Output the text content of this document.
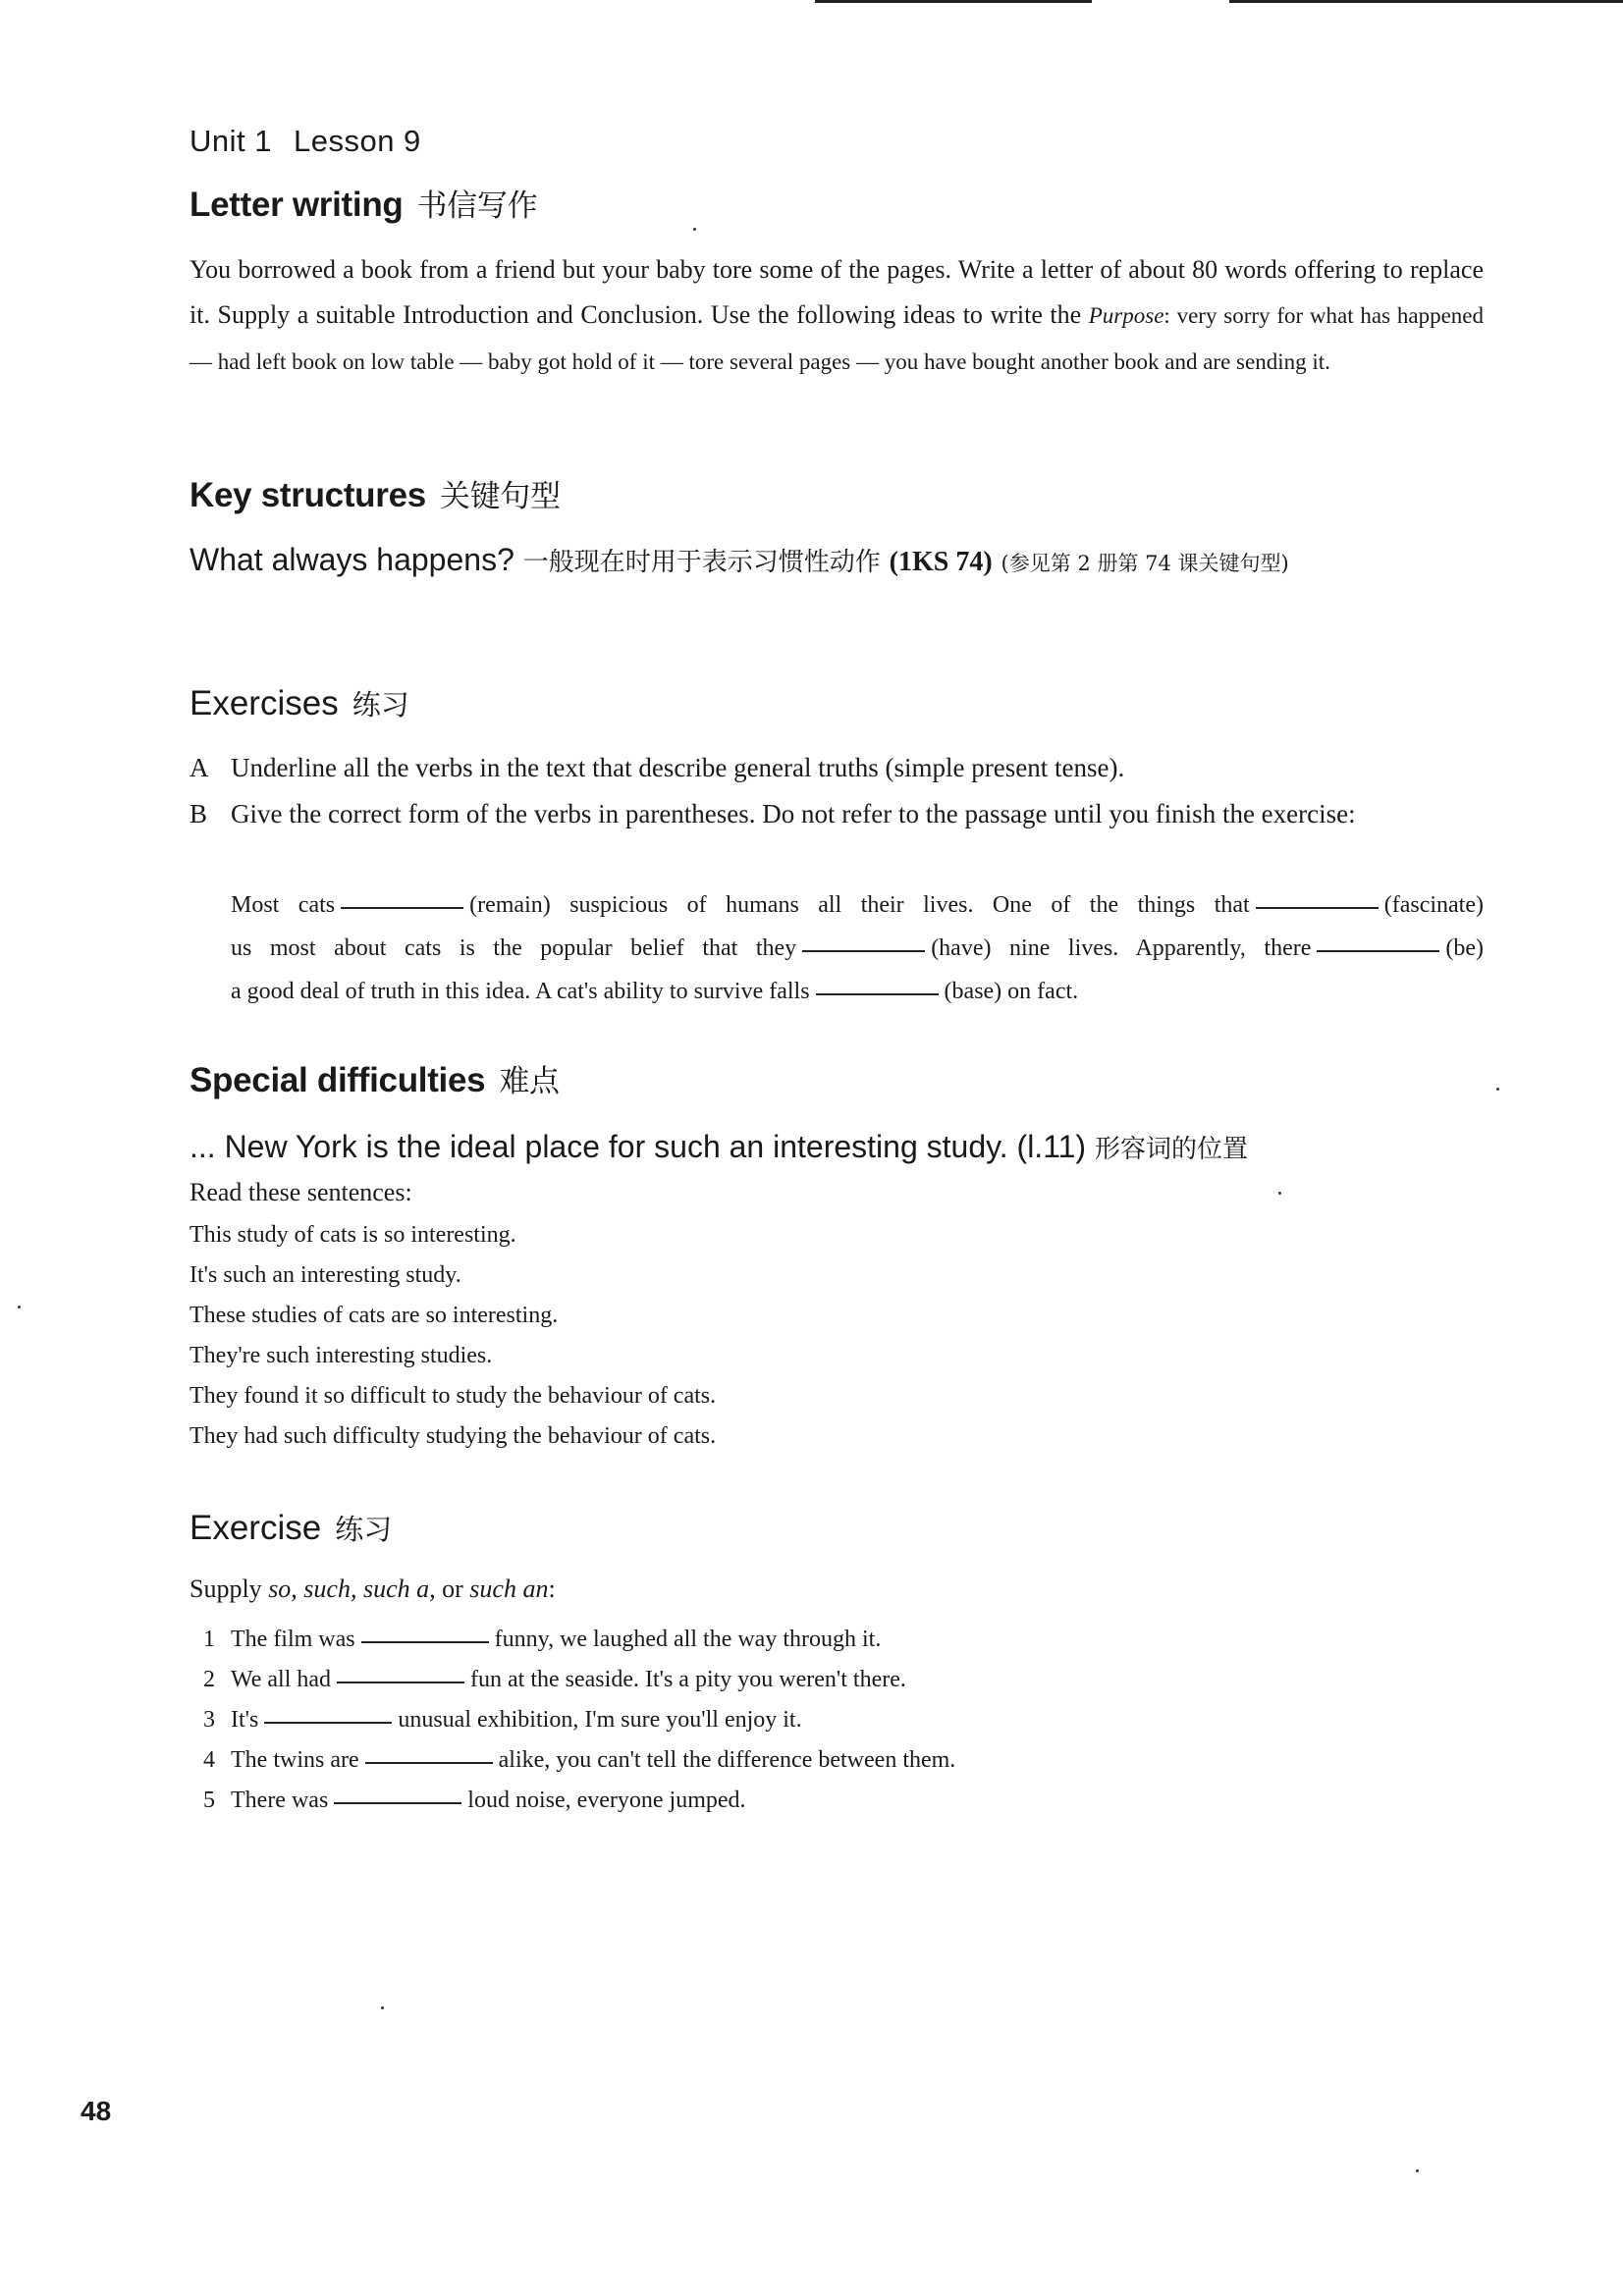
Unit 1 Lesson 9
Letter writing 书信写作
You borrowed a book from a friend but your baby tore some of the pages. Write a letter of about 80 words offering to replace it. Supply a suitable Introduction and Conclusion. Use the following ideas to write the Purpose: very sorry for what has happened — had left book on low table — baby got hold of it — tore several pages — you have bought another book and are sending it.
Key structures 关键句型
What always happens? 一般现在时用于表示习惯性动作 (1KS 74) (参见第 2 册第 74 课关键句型)
Exercises 练习
A Underline all the verbs in the text that describe general truths (simple present tense).
B Give the correct form of the verbs in parentheses. Do not refer to the passage until you finish the exercise:

Most cats	(remain) suspicious of humans all their lives. One of the things that	(fascinate)

us most about cats is the popular belief that they	(have) nine lives. Apparently, there	(be)

a good deal of truth in this idea. A cat's ability to survive falls	(base) on fact.

Special difficulties 难点
... New York is the ideal place for such an interesting study. (l.11) 形容词的位置
Read these sentences:

This study of cats is so interesting.

It's such an interesting study.

These studies of cats are so interesting.

They're such interesting studies.

They found it so difficult to study the behaviour of cats.

They had such difficulty studying the behaviour of cats.

Exercise 练习
Supply so, such, such a, or such an:
1 The film was	funny, we laughed all the way through it.
2 We all had	fun at the seaside. It's a pity you weren't there.
3 It's	unusual exhibition, I'm sure you'll enjoy it.
4 The twins are	alike, you can't tell the difference between them.
5 There was	loud noise, everyone jumped.
48
